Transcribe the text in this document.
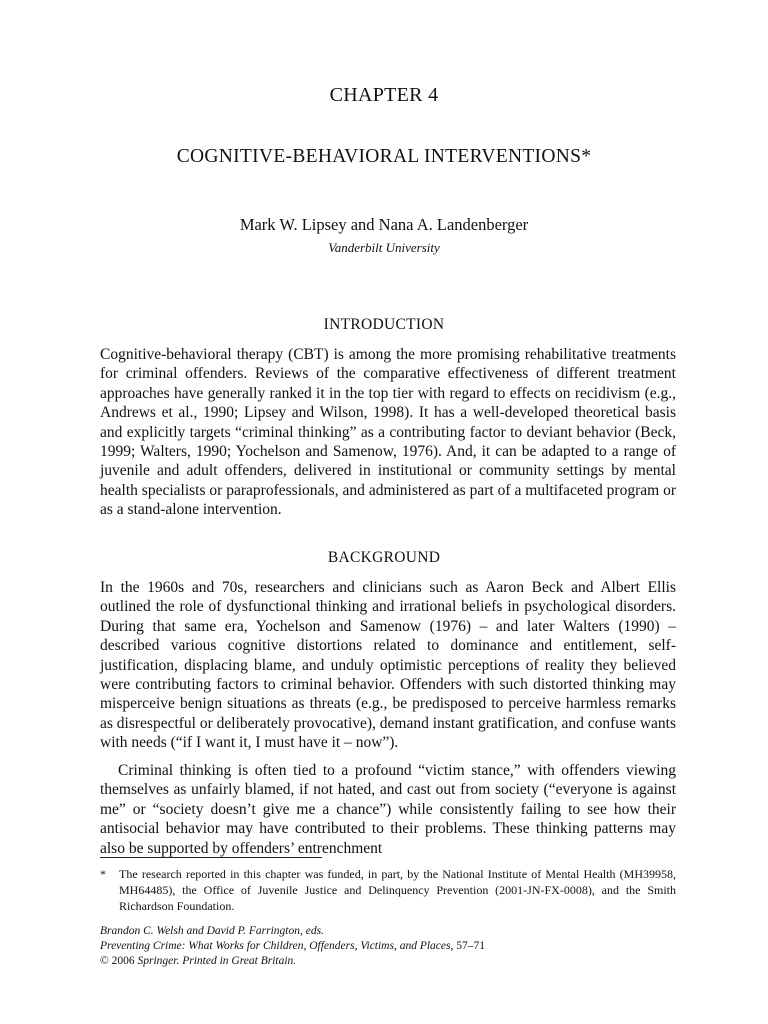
CHAPTER 4
COGNITIVE-BEHAVIORAL INTERVENTIONS*
Mark W. Lipsey and Nana A. Landenberger
Vanderbilt University
INTRODUCTION
Cognitive-behavioral therapy (CBT) is among the more promising rehabilitative treatments for criminal offenders. Reviews of the comparative effectiveness of different treatment approaches have generally ranked it in the top tier with regard to effects on recidivism (e.g., Andrews et al., 1990; Lipsey and Wilson, 1998). It has a well-developed theoretical basis and explicitly targets “criminal thinking” as a contributing factor to deviant behavior (Beck, 1999; Walters, 1990; Yochelson and Samenow, 1976). And, it can be adapted to a range of juvenile and adult offenders, delivered in institutional or community settings by mental health specialists or paraprofessionals, and administered as part of a multifaceted program or as a stand-alone intervention.
BACKGROUND
In the 1960s and 70s, researchers and clinicians such as Aaron Beck and Albert Ellis outlined the role of dysfunctional thinking and irrational beliefs in psychological disorders. During that same era, Yochelson and Samenow (1976) – and later Walters (1990) – described various cognitive distortions related to dominance and entitlement, self-justification, displacing blame, and unduly optimistic perceptions of reality they believed were contributing factors to criminal behavior. Offenders with such distorted thinking may misperceive benign situations as threats (e.g., be predisposed to perceive harmless remarks as disrespectful or deliberately provocative), demand instant gratification, and confuse wants with needs (“if I want it, I must have it – now”).
Criminal thinking is often tied to a profound “victim stance,” with offenders viewing themselves as unfairly blamed, if not hated, and cast out from society (“everyone is against me” or “society doesn’t give me a chance”) while consistently failing to see how their antisocial behavior may have contributed to their problems. These thinking patterns may also be supported by offenders’ entrenchment
* The research reported in this chapter was funded, in part, by the National Institute of Mental Health (MH39958, MH64485), the Office of Juvenile Justice and Delinquency Prevention (2001-JN-FX-0008), and the Smith Richardson Foundation.
Brandon C. Welsh and David P. Farrington, eds.
Preventing Crime: What Works for Children, Offenders, Victims, and Places, 57–71
© 2006 Springer. Printed in Great Britain.
